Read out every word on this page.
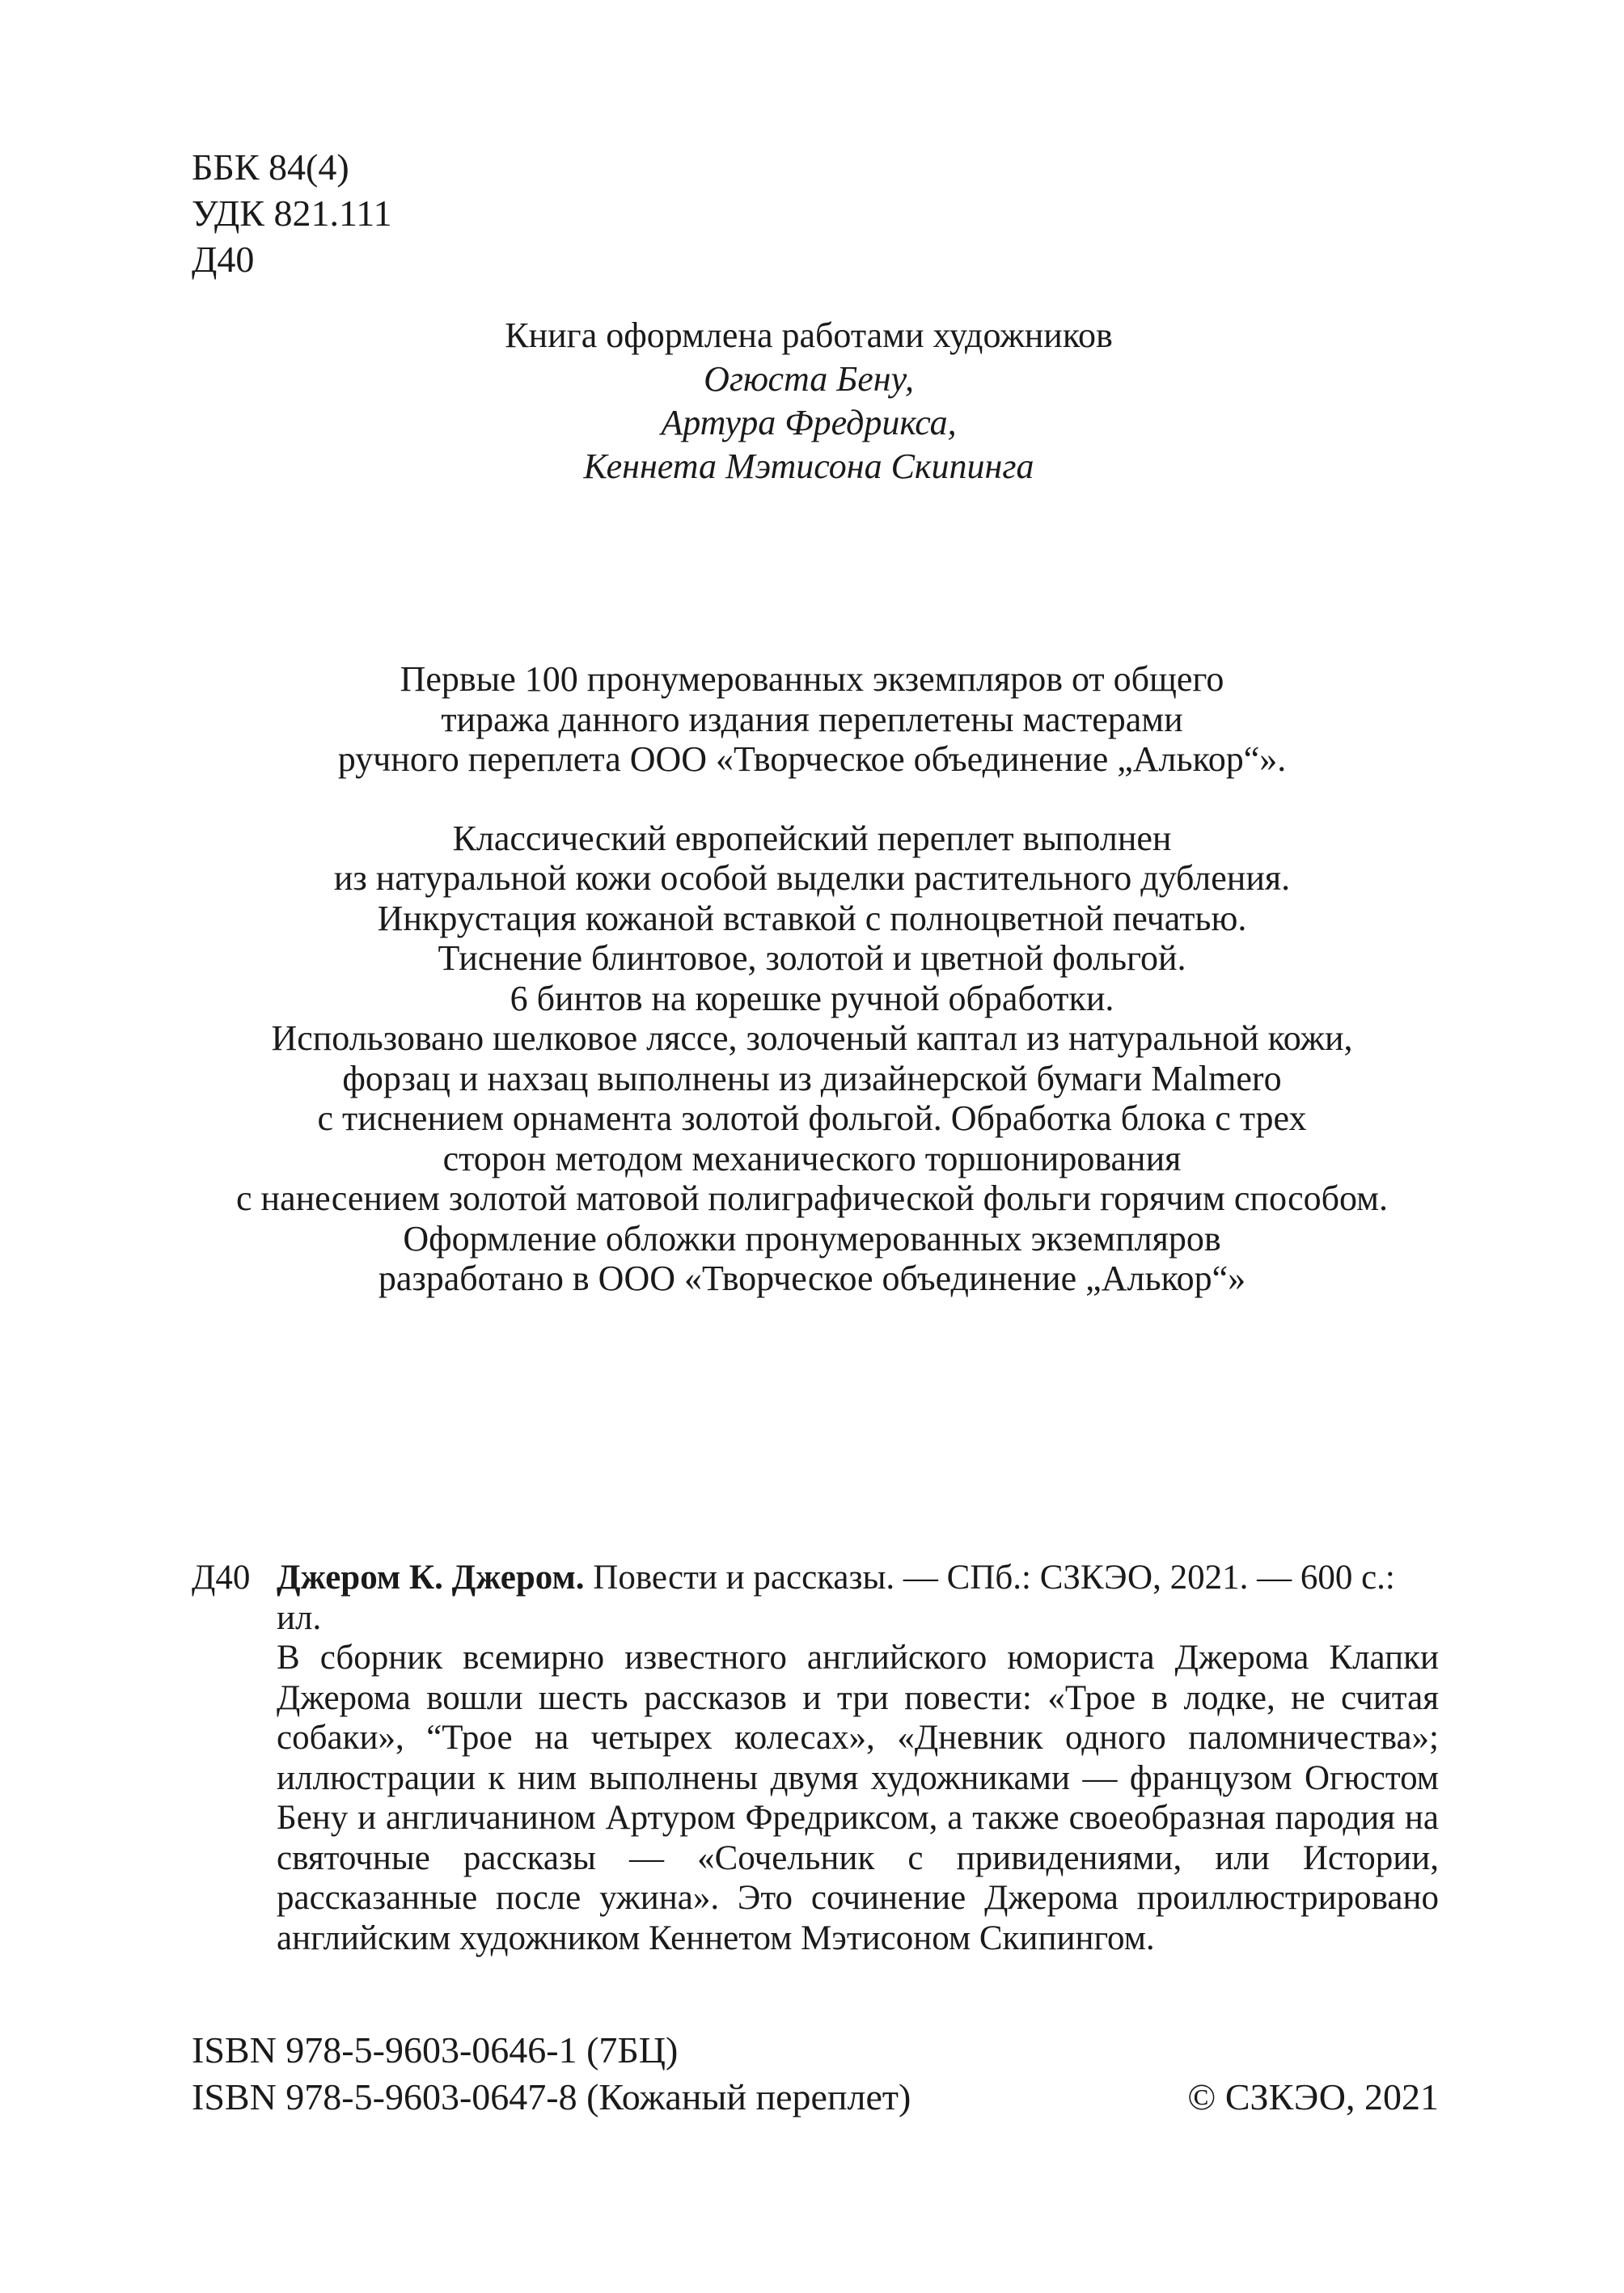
ББК 84(4)
УДК 821.111
Д40
Книга оформлена работами художников
Огюста Бену,
Артура Фредрикса,
Кеннета Мэтисона Скипинга
Первые 100 пронумерованных экземпляров от общего
тиража данного издания переплетены мастерами
ручного переплета ООО «Творческое объединение „Алькор“».
Классический европейский переплет выполнен
из натуральной кожи особой выделки растительного дубления.
Инкрустация кожаной вставкой с полноцветной печатью.
Тиснение блинтовое, золотой и цветной фольгой.
6 бинтов на корешке ручной обработки.
Использовано шелковое ляссе, золоченый каптал из натуральной кожи,
форзац и нахзац выполнены из дизайнерской бумаги Malmero
с тиснением орнамента золотой фольгой. Обработка блока с трех
сторон методом механического торшонирования
с нанесением золотой матовой полиграфической фольги горячим способом.
Оформление обложки пронумерованных экземпляров
разработано в ООО «Творческое объединение „Алькор“»
Д40 Джером К. Джером. Повести и рассказы. — СПб.: СЗКЭО, 2021. — 600 с.: ил.
В сборник всемирно известного английского юмориста Джерома Клапки Джерома вошли шесть рассказов и три повести: «Трое в лодке, не считая собаки», “Трое на четырех колесах», «Дневник одного паломничества»; иллюстрации к ним выполнены двумя художниками — французом Огюстом Бену и англичанином Артуром Фредриксом, а также своеобразная пародия на святочные рассказы — «Сочельник с привидениями, или Истории, рассказанные после ужина». Это сочинение Джерома проиллюстрировано английским художником Кеннетом Мэтисоном Скипингом.
ISBN 978-5-9603-0646-1 (7БЦ)
ISBN 978-5-9603-0647-8 (Кожаный переплет)	© СЗКЭО, 2021
